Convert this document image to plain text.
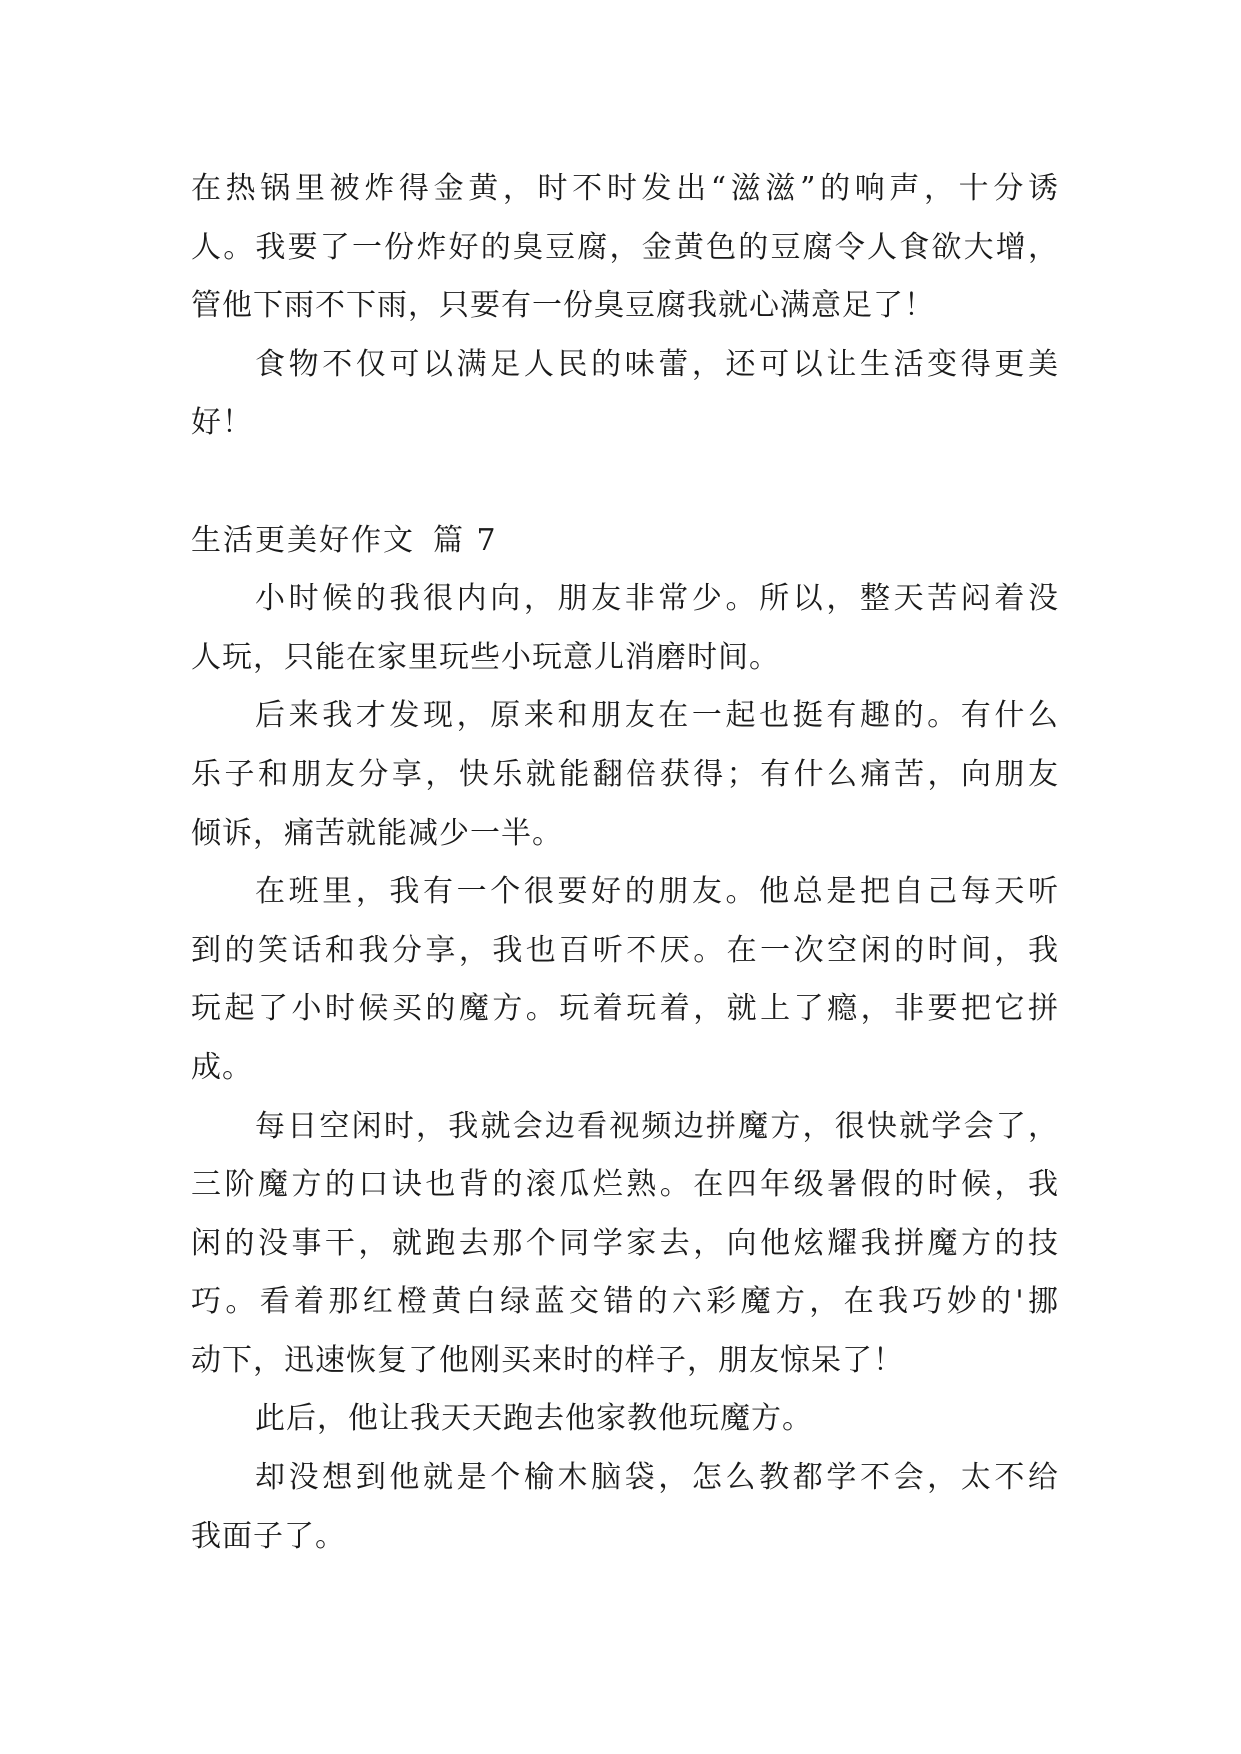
在热锅里被炸得金黄，时不时发出“滋滋”的响声，十分诱
人。我要了一份炸好的臭豆腐，金黄色的豆腐令人食欲大增，
管他下雨不下雨，只要有一份臭豆腐我就心满意足了！
食物不仅可以满足人民的味蕾，还可以让生活变得更美
好！
生活更美好作文 篇 7
小时候的我很内向，朋友非常少。所以，整天苦闷着没
人玩，只能在家里玩些小玩意儿消磨时间。
后来我才发现，原来和朋友在一起也挺有趣的。有什么
乐子和朋友分享，快乐就能翻倍获得；有什么痛苦，向朋友
倾诉，痛苦就能减少一半。
在班里，我有一个很要好的朋友。他总是把自己每天听
到的笑话和我分享，我也百听不厌。在一次空闲的时间，我
玩起了小时候买的魔方。玩着玩着，就上了瘾，非要把它拼
成。
每日空闲时，我就会边看视频边拼魔方，很快就学会了，
三阶魔方的口诀也背的滚瓜烂熟。在四年级暑假的时候，我
闲的没事干，就跑去那个同学家去，向他炫耀我拼魔方的技
巧。看着那红橙黄白绿蓝交错的六彩魔方，在我巧妙的'挪
动下，迅速恢复了他刚买来时的样子，朋友惊呆了！
此后，他让我天天跑去他家教他玩魔方。
却没想到他就是个榆木脑袋，怎么教都学不会，太不给
我面子了。
